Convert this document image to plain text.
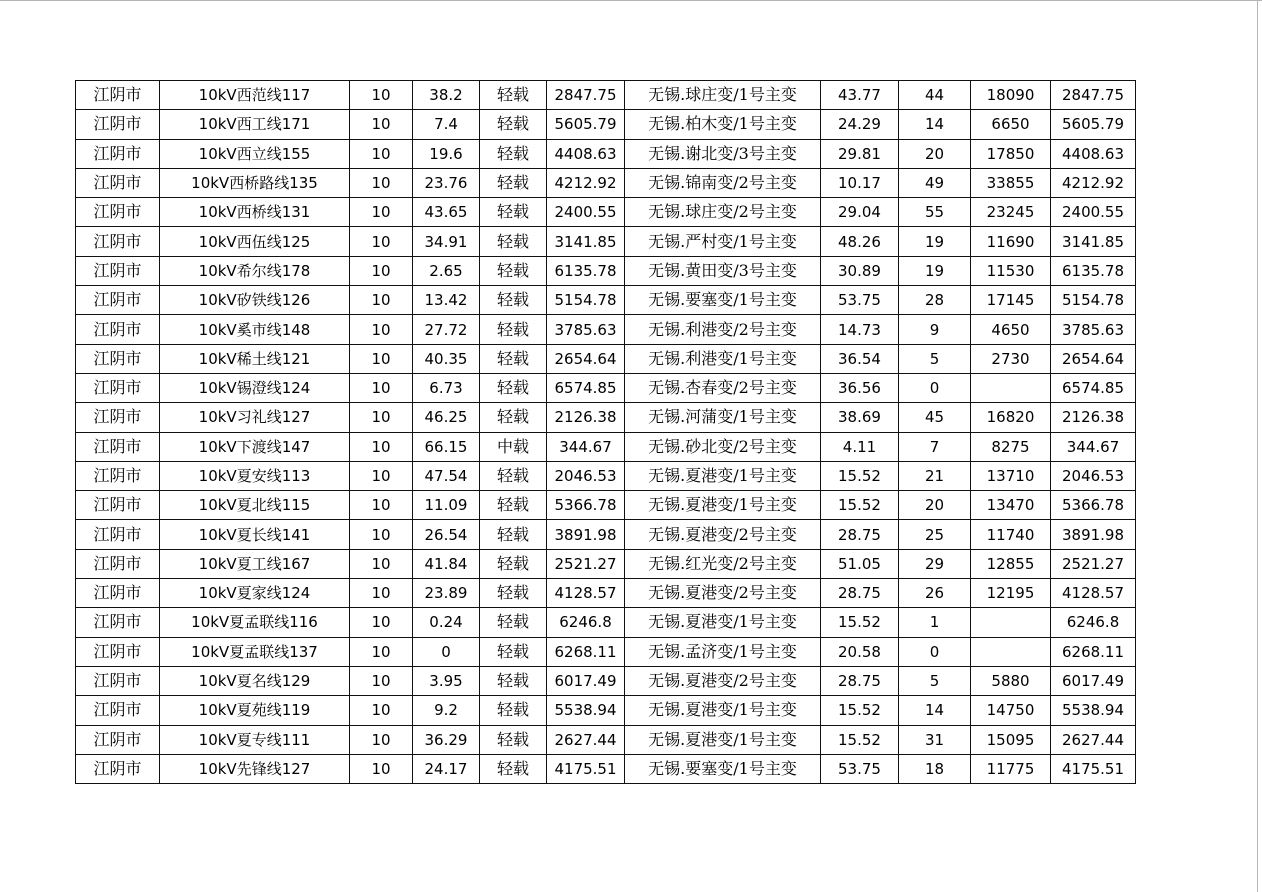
江阴市	10kV西范线117	10	38.2	轻载	2847.75	无锡.球庄变/1号主变	43.77	44	18090	2847.75
江阴市	10kV西工线171	10	7.4	轻载	5605.79	无锡.柏木变/1号主变	24.29	14	6650	5605.79
江阴市	10kV西立线155	10	19.6	轻载	4408.63	无锡.谢北变/3号主变	29.81	20	17850	4408.63
江阴市	10kV西桥路线135	10	23.76	轻载	4212.92	无锡.锦南变/2号主变	10.17	49	33855	4212.92
江阴市	10kV西桥线131	10	43.65	轻载	2400.55	无锡.球庄变/2号主变	29.04	55	23245	2400.55
江阴市	10kV西伍线125	10	34.91	轻载	3141.85	无锡.严村变/1号主变	48.26	19	11690	3141.85
江阴市	10kV希尔线178	10	2.65	轻载	6135.78	无锡.黄田变/3号主变	30.89	19	11530	6135.78
江阴市	10kV矽铁线126	10	13.42	轻载	5154.78	无锡.要塞变/1号主变	53.75	28	17145	5154.78
江阴市	10kV奚市线148	10	27.72	轻载	3785.63	无锡.利港变/2号主变	14.73	9	4650	3785.63
江阴市	10kV稀土线121	10	40.35	轻载	2654.64	无锡.利港变/1号主变	36.54	5	2730	2654.64
江阴市	10kV锡澄线124	10	6.73	轻载	6574.85	无锡.杏春变/2号主变	36.56	0		6574.85
江阴市	10kV习礼线127	10	46.25	轻载	2126.38	无锡.河蒲变/1号主变	38.69	45	16820	2126.38
江阴市	10kV下渡线147	10	66.15	中载	344.67	无锡.砂北变/2号主变	4.11	7	8275	344.67
江阴市	10kV夏安线113	10	47.54	轻载	2046.53	无锡.夏港变/1号主变	15.52	21	13710	2046.53
江阴市	10kV夏北线115	10	11.09	轻载	5366.78	无锡.夏港变/1号主变	15.52	20	13470	5366.78
江阴市	10kV夏长线141	10	26.54	轻载	3891.98	无锡.夏港变/2号主变	28.75	25	11740	3891.98
江阴市	10kV夏工线167	10	41.84	轻载	2521.27	无锡.红光变/2号主变	51.05	29	12855	2521.27
江阴市	10kV夏家线124	10	23.89	轻载	4128.57	无锡.夏港变/2号主变	28.75	26	12195	4128.57
江阴市	10kV夏孟联线116	10	0.24	轻载	6246.8	无锡.夏港变/1号主变	15.52	1		6246.8
江阴市	10kV夏孟联线137	10	0	轻载	6268.11	无锡.孟济变/1号主变	20.58	0		6268.11
江阴市	10kV夏名线129	10	3.95	轻载	6017.49	无锡.夏港变/2号主变	28.75	5	5880	6017.49
江阴市	10kV夏苑线119	10	9.2	轻载	5538.94	无锡.夏港变/1号主变	15.52	14	14750	5538.94
江阴市	10kV夏专线111	10	36.29	轻载	2627.44	无锡.夏港变/1号主变	15.52	31	15095	2627.44
江阴市	10kV先锋线127	10	24.17	轻载	4175.51	无锡.要塞变/1号主变	53.75	18	11775	4175.51
